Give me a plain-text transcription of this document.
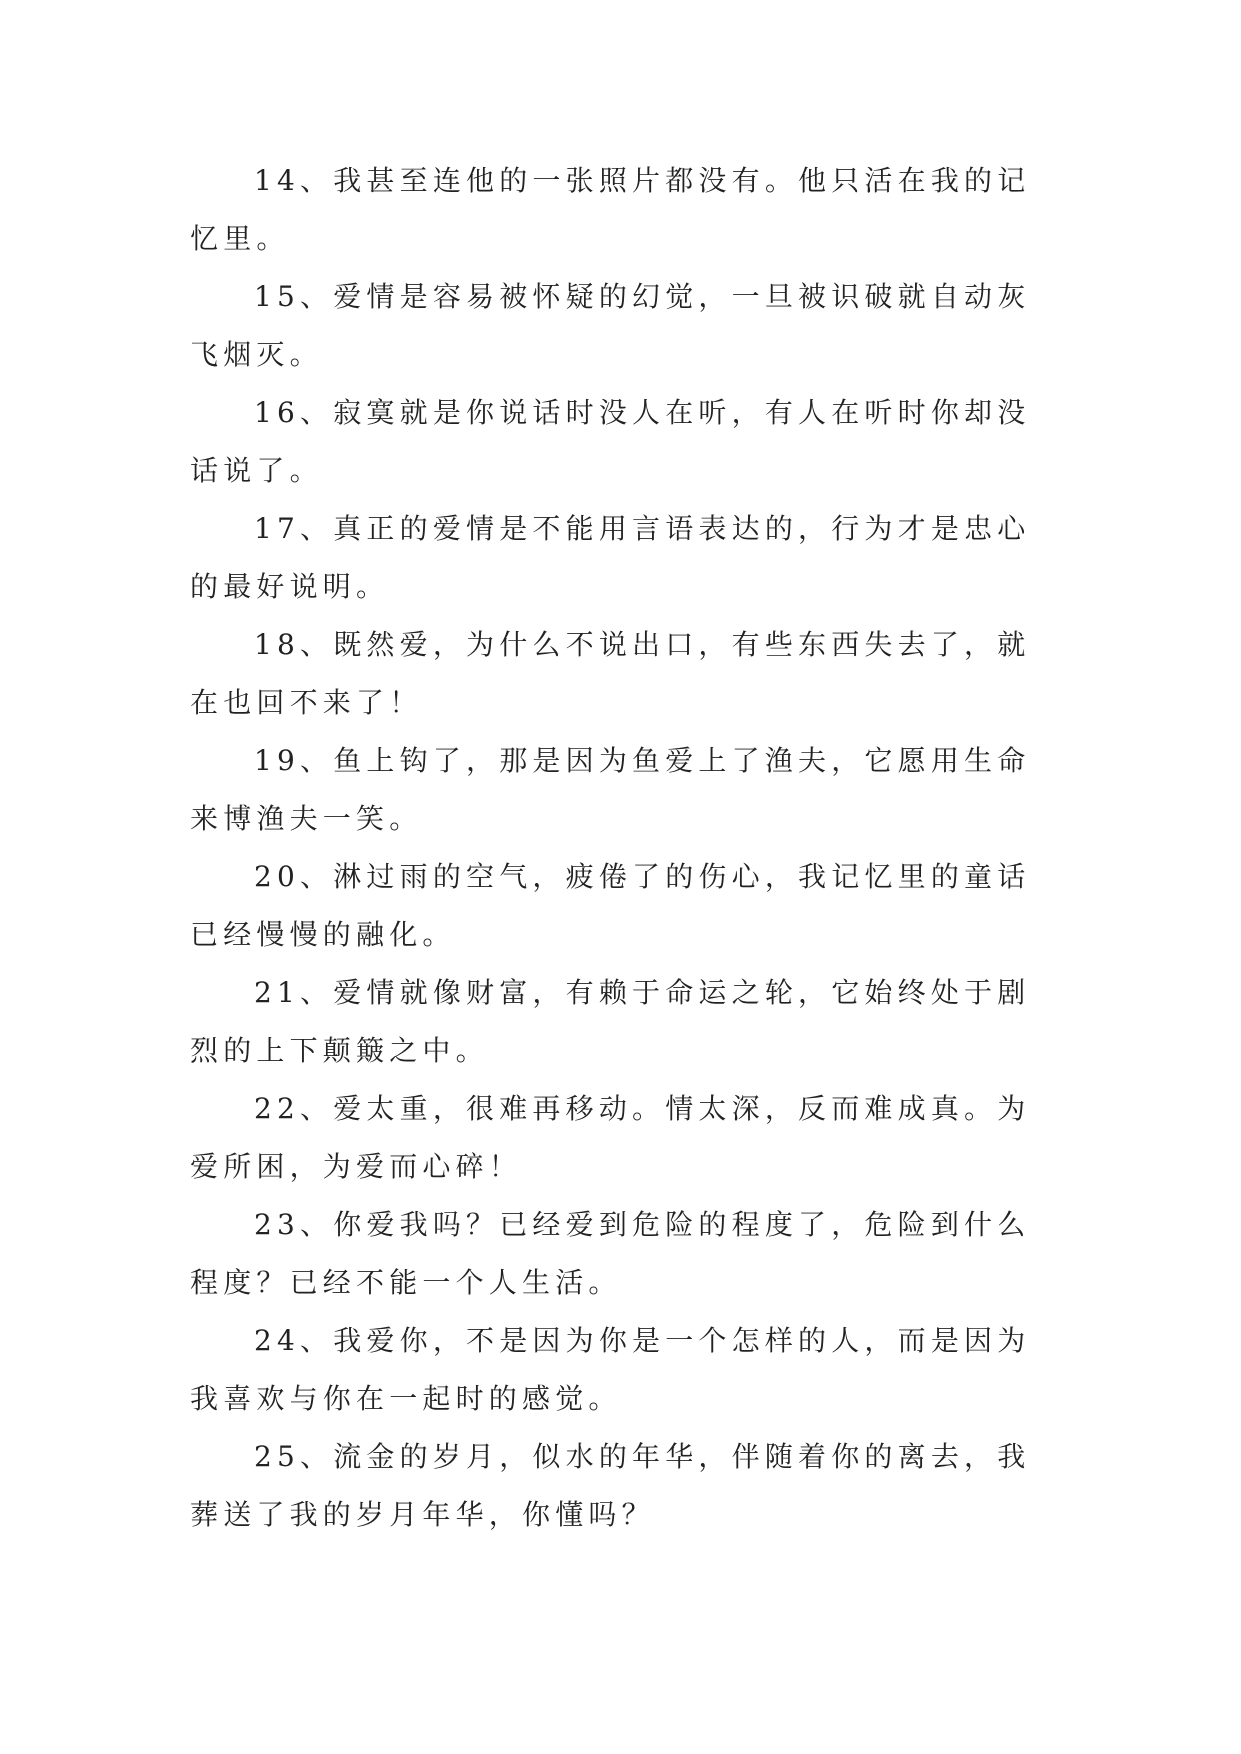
14、我甚至连他的一张照片都没有。他只活在我的记忆里。

15、爱情是容易被怀疑的幻觉，一旦被识破就自动灰飞烟灭。

16、寂寞就是你说话时没人在听，有人在听时你却没话说了。

17、真正的爱情是不能用言语表达的，行为才是忠心的最好说明。

18、既然爱，为什么不说出口，有些东西失去了，就在也回不来了！

19、鱼上钩了，那是因为鱼爱上了渔夫，它愿用生命来博渔夫一笑。

20、淋过雨的空气，疲倦了的伤心，我记忆里的童话已经慢慢的融化。

21、爱情就像财富，有赖于命运之轮，它始终处于剧烈的上下颠簸之中。

22、爱太重，很难再移动。情太深，反而难成真。为爱所困，为爱而心碎！

23、你爱我吗？已经爱到危险的程度了，危险到什么程度？已经不能一个人生活。

24、我爱你，不是因为你是一个怎样的人，而是因为我喜欢与你在一起时的感觉。

25、流金的岁月，似水的年华，伴随着你的离去，我葬送了我的岁月年华，你懂吗？
